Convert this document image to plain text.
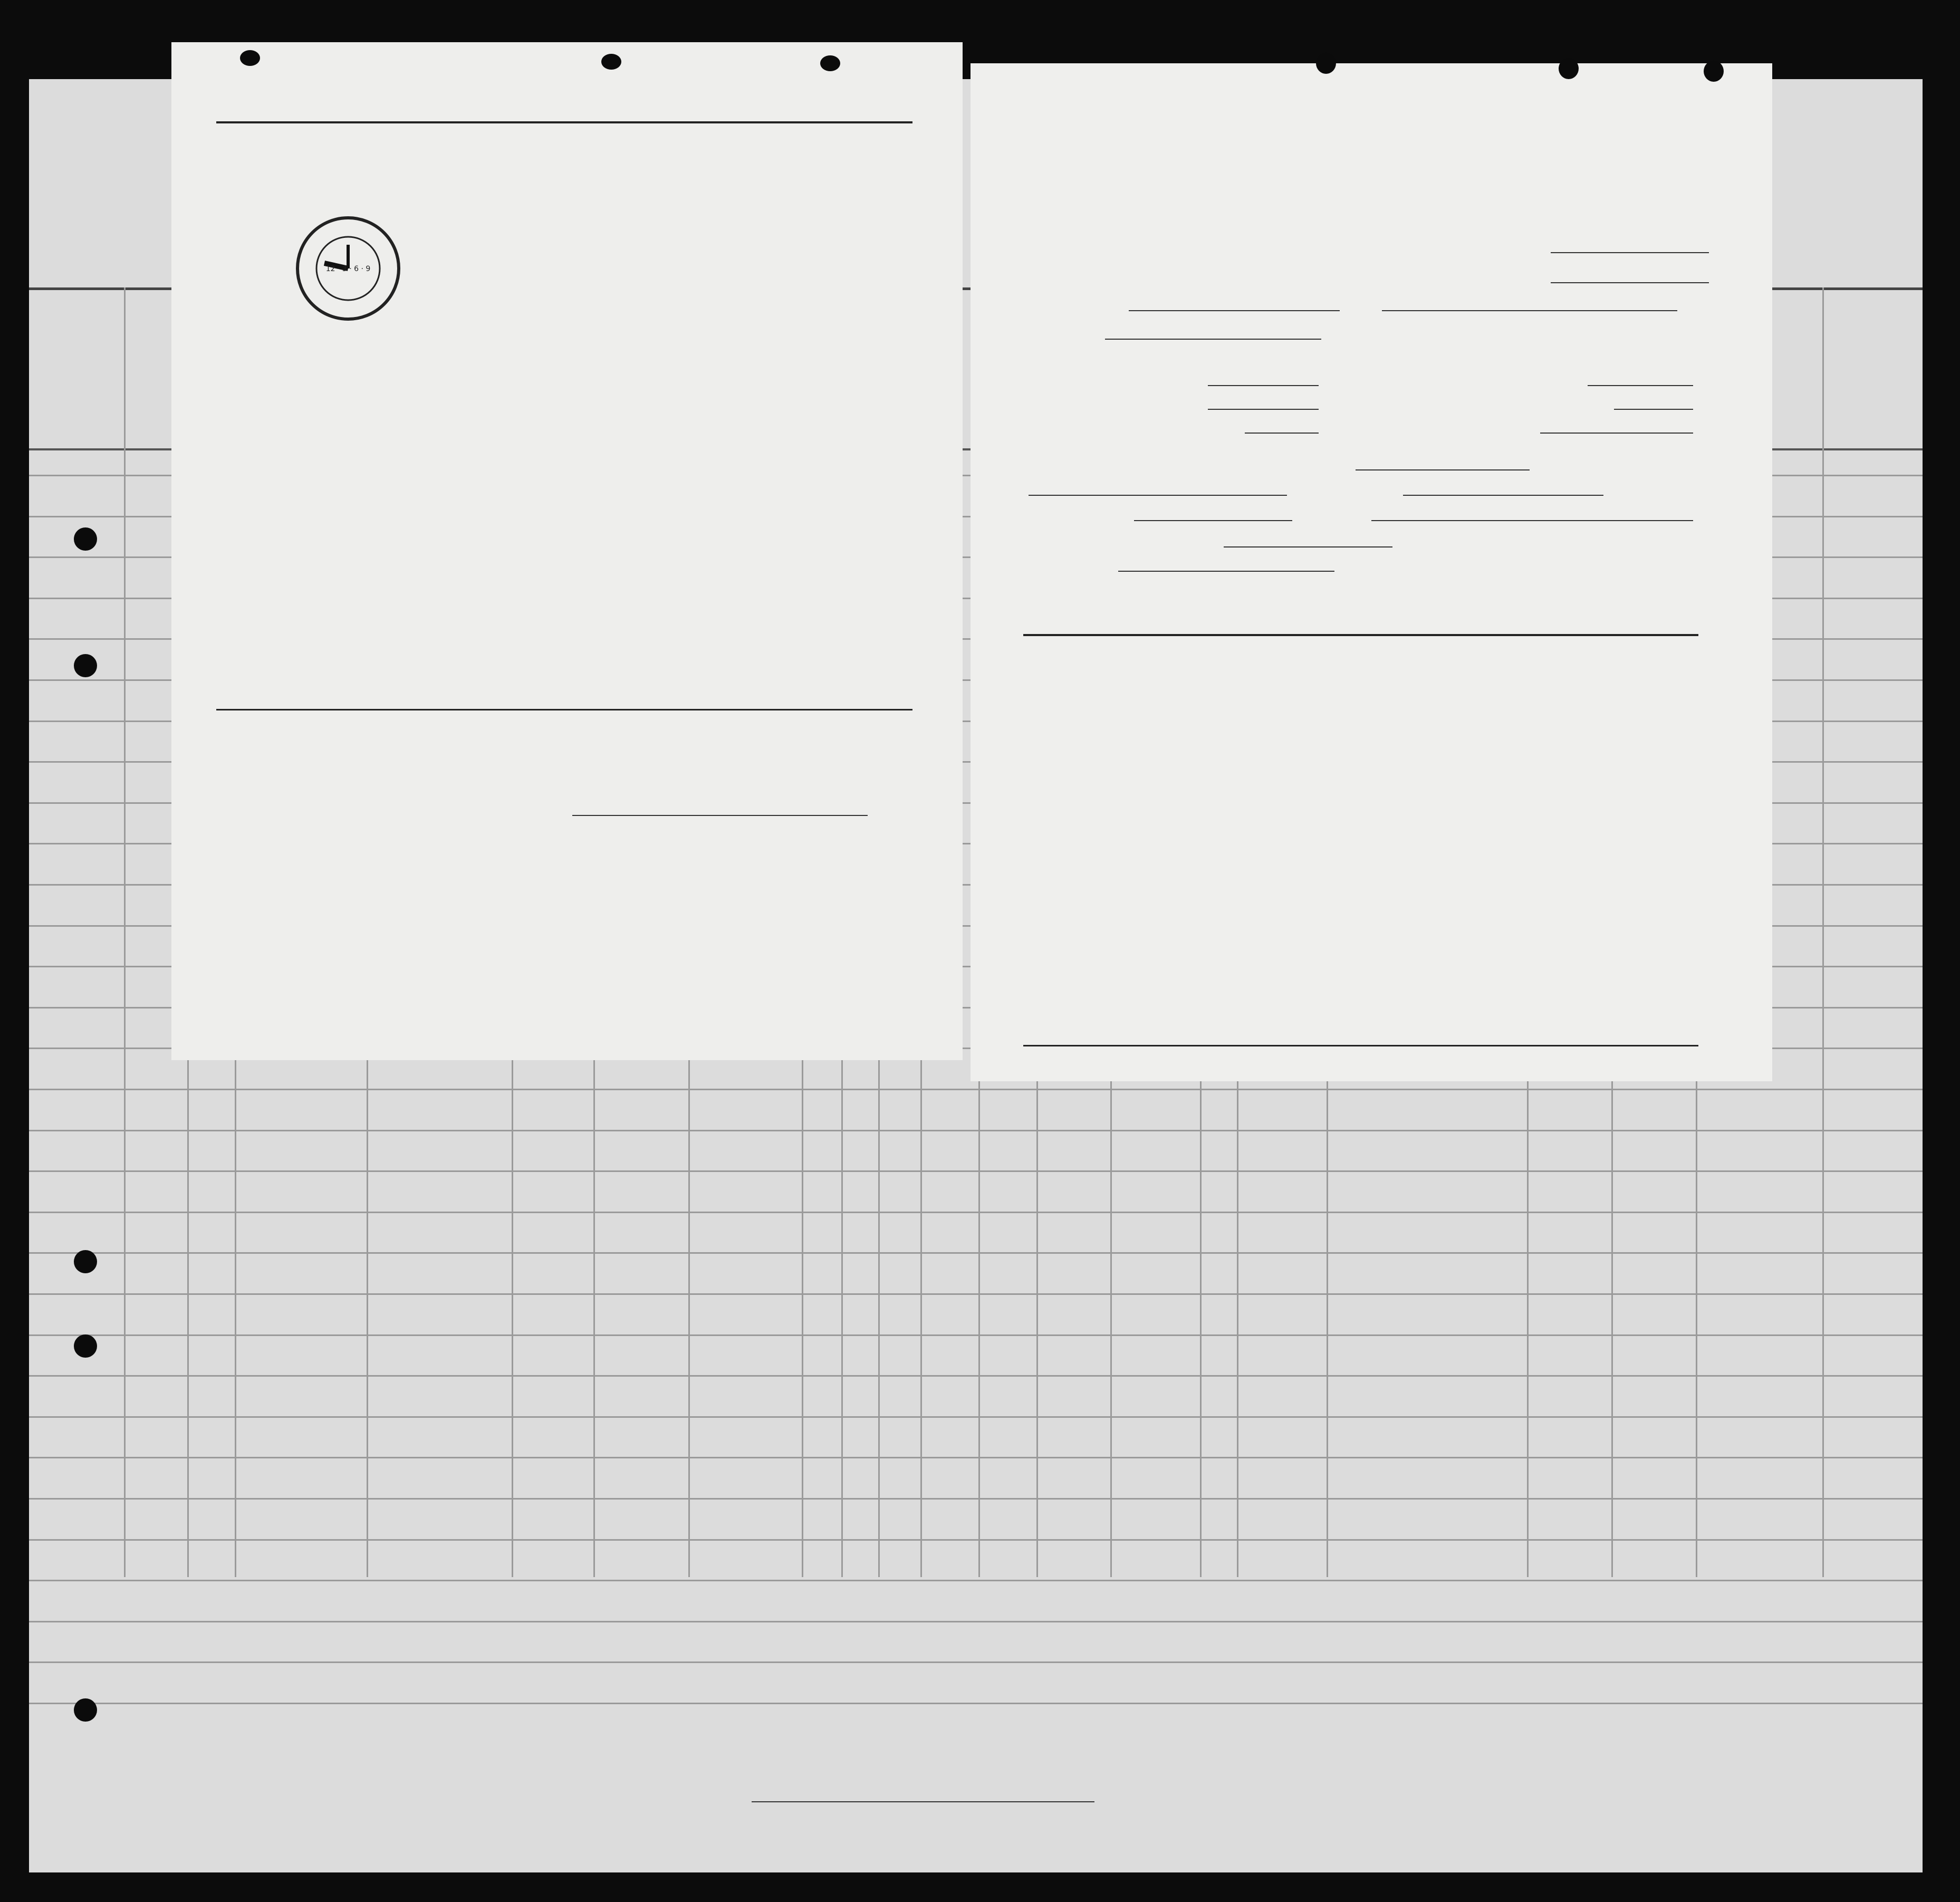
12 · 3 · 6 · 9
